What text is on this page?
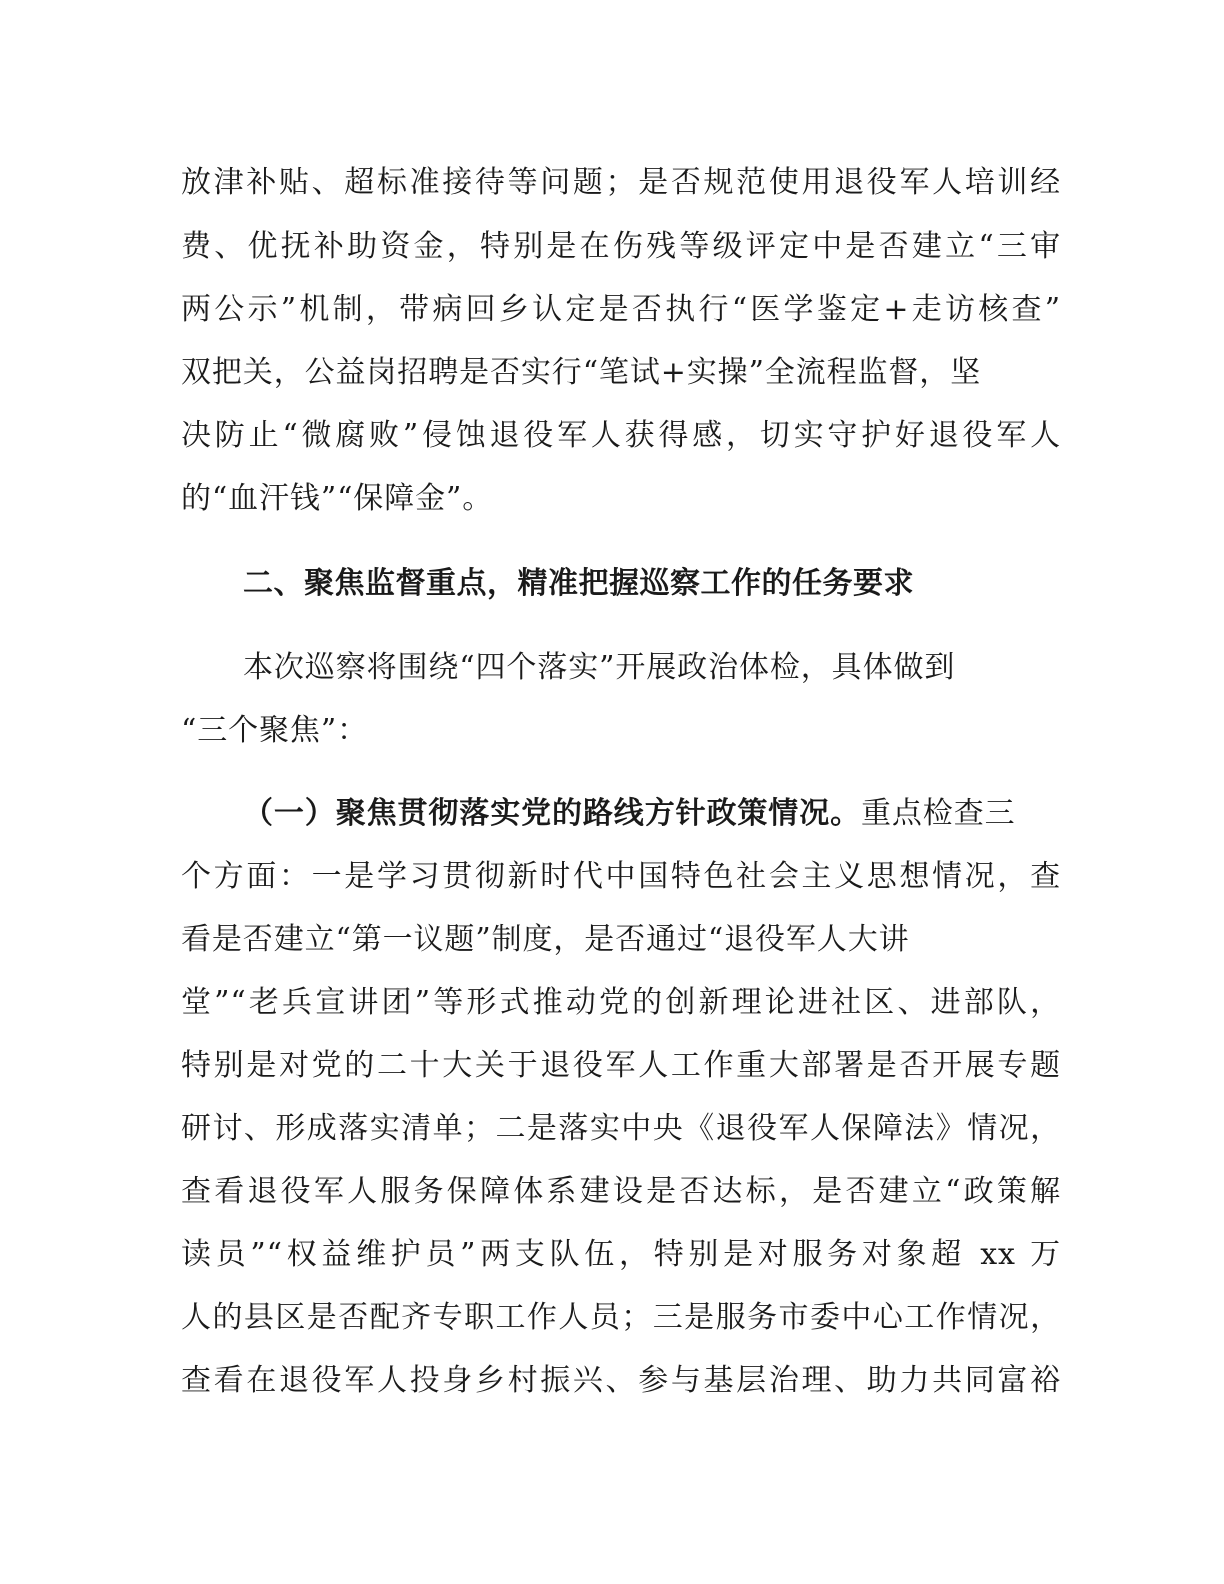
放津补贴、超标准接待等问题；是否规范使用退役军人培训经
费、优抚补助资金，特别是在伤残等级评定中是否建立“三审
两公示”机制，带病回乡认定是否执行“医学鉴定+走访核查”
双把关，公益岗招聘是否实行“笔试+实操”全流程监督，坚
决防止“微腐败”侵蚀退役军人获得感，切实守护好退役军人
的“血汗钱”“保障金”。
二、聚焦监督重点，精准把握巡察工作的任务要求
本次巡察将围绕“四个落实”开展政治体检，具体做到
“三个聚焦”：
（一）聚焦贯彻落实党的路线方针政策情况。重点检查三
个方面：一是学习贯彻新时代中国特色社会主义思想情况，查
看是否建立“第一议题”制度，是否通过“退役军人大讲
堂”“老兵宣讲团”等形式推动党的创新理论进社区、进部队，
特别是对党的二十大关于退役军人工作重大部署是否开展专题
研讨、形成落实清单；二是落实中央《退役军人保障法》情况，
查看退役军人服务保障体系建设是否达标，是否建立“政策解
读员”“权益维护员”两支队伍，特别是对服务对象超 xx 万
人的县区是否配齐专职工作人员；三是服务市委中心工作情况，
查看在退役军人投身乡村振兴、参与基层治理、助力共同富裕
